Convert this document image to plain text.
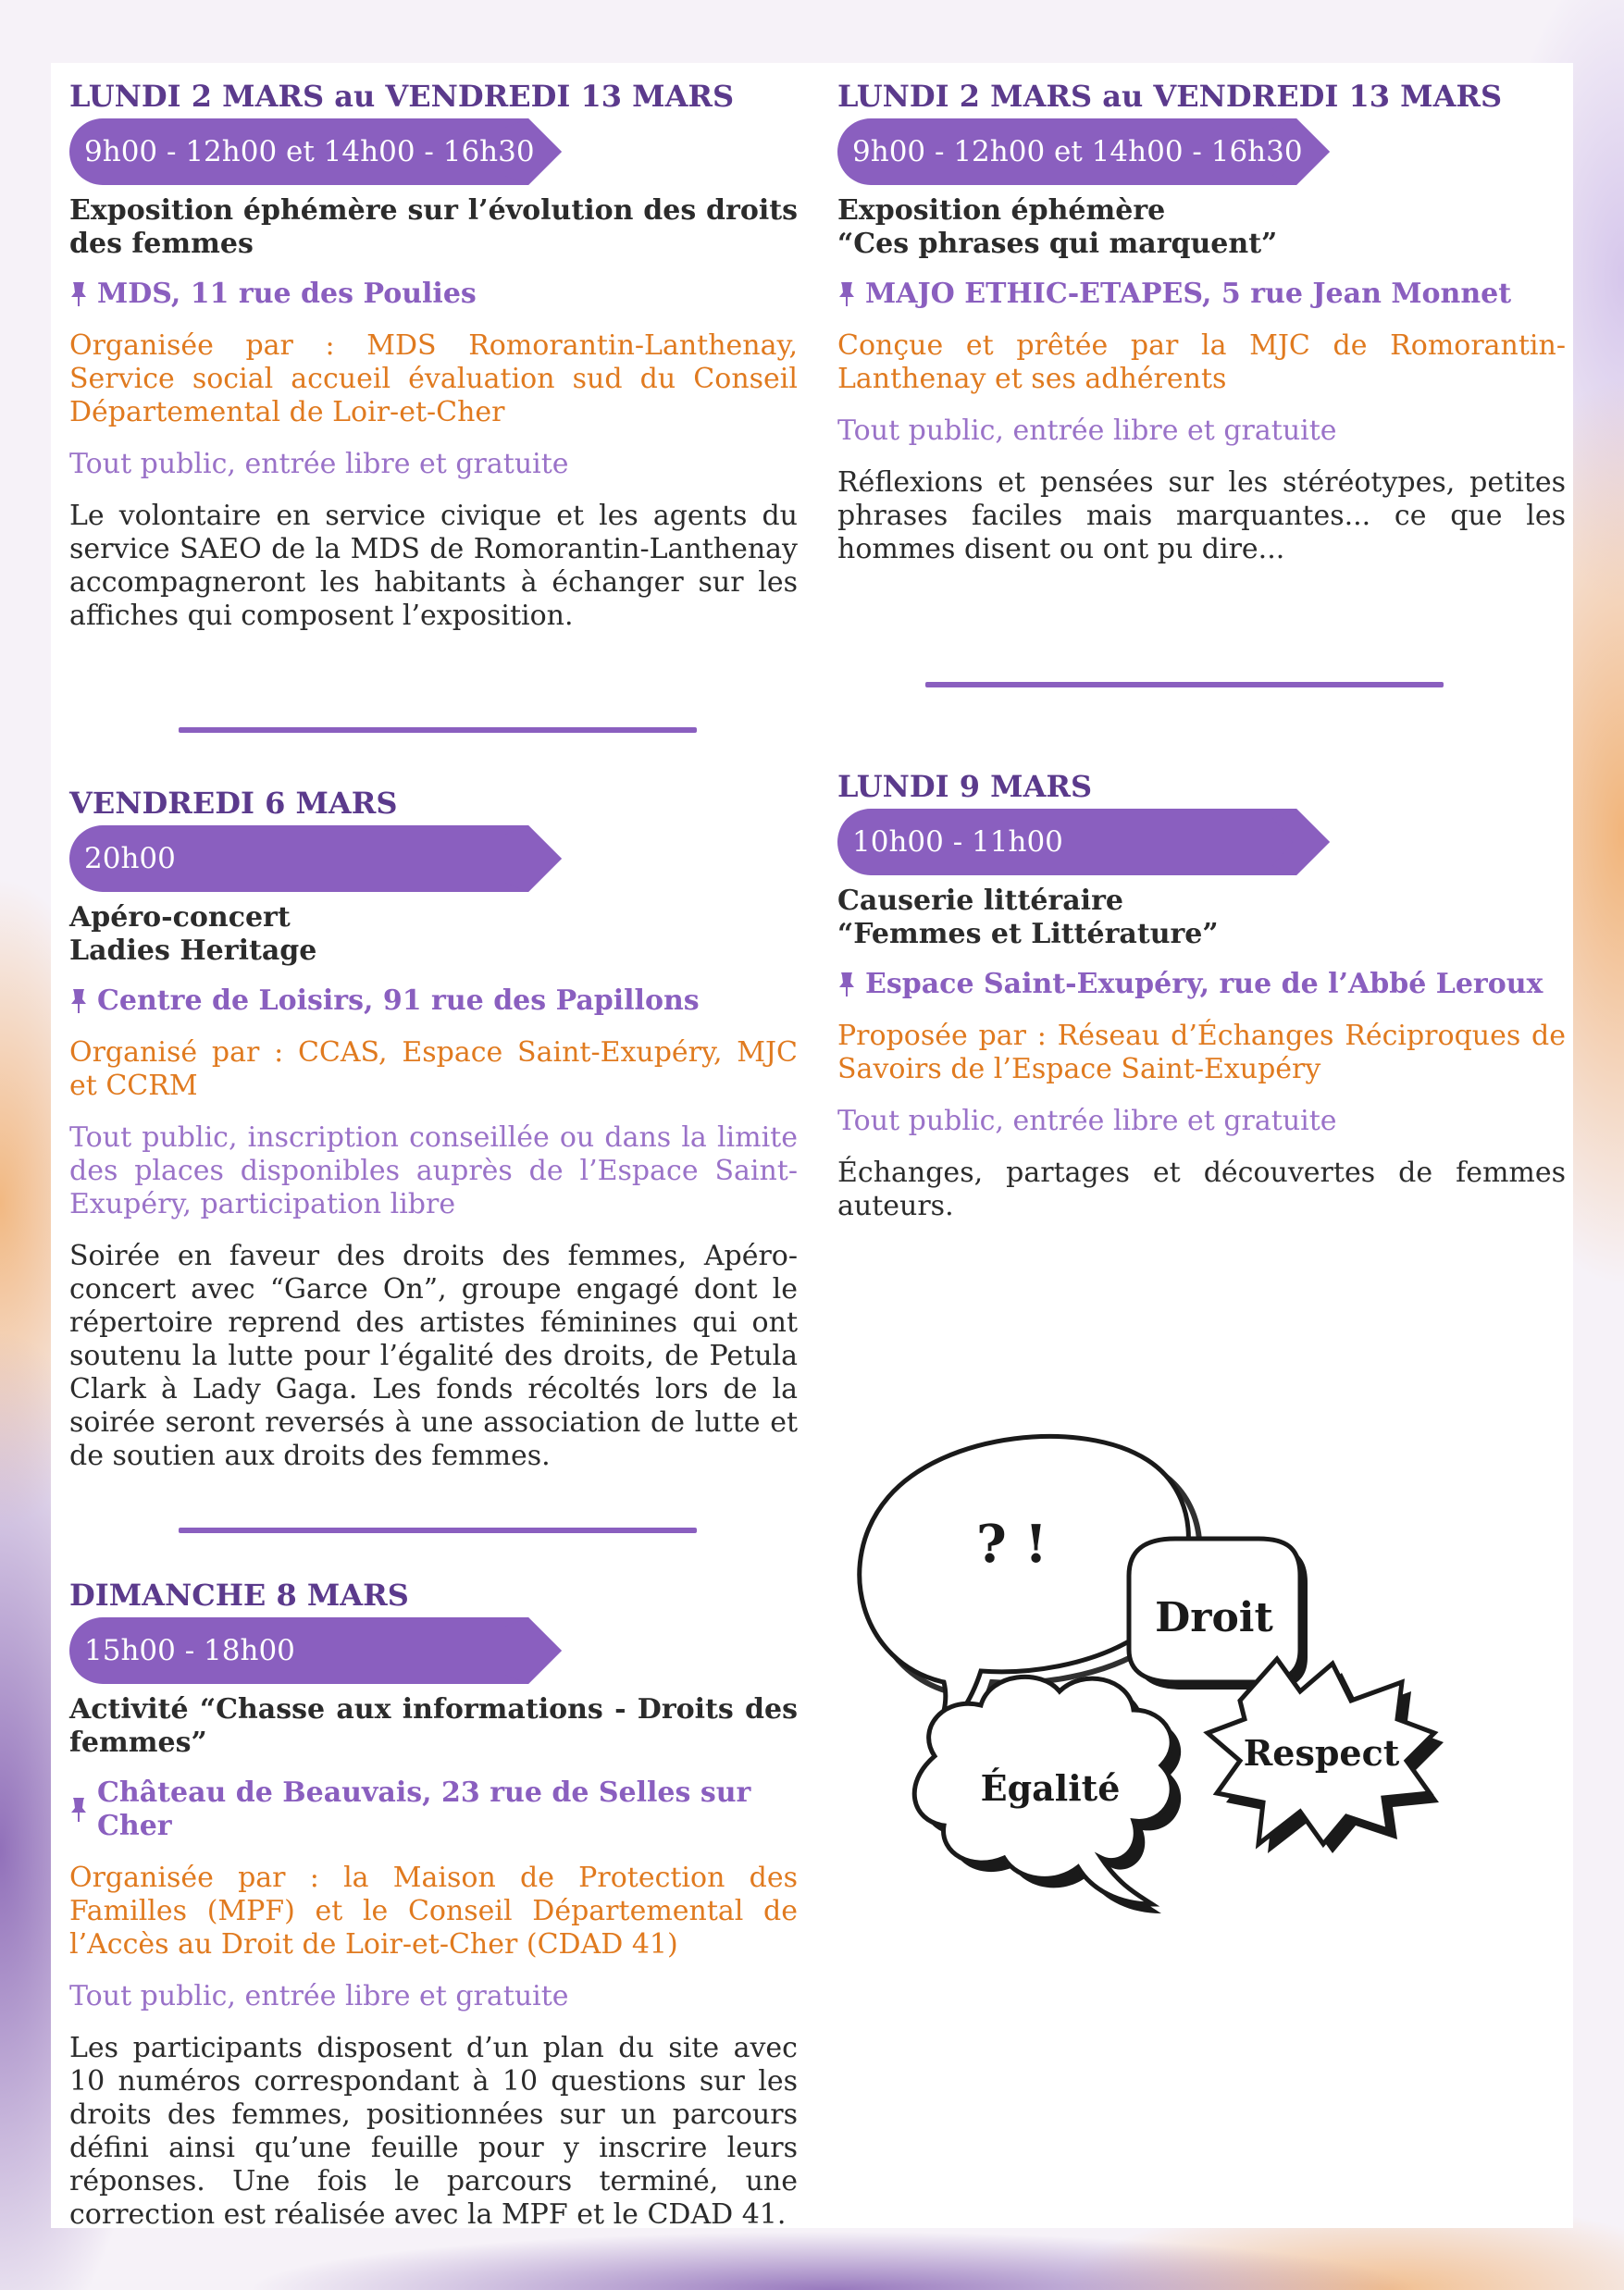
LUNDI 2 MARS au VENDREDI 13 MARS
9h00 - 12h00 et 14h00 - 16h30
Exposition éphémère sur l’évolution des droits des femmes
MDS, 11 rue des Poulies
Organisée par : MDS Romorantin-Lanthenay, Service social accueil évaluation sud du Conseil Départemental de Loir-et-Cher
Tout public, entrée libre et gratuite
Le volontaire en service civique et les agents du service SAEO de la MDS de Romorantin-Lanthenay accompagneront les habitants à échanger sur les affiches qui composent l’exposition.
VENDREDI 6 MARS
20h00
Apéro-concert
Ladies Heritage
Centre de Loisirs, 91 rue des Papillons
Organisé par : CCAS, Espace Saint-Exupéry, MJC et CCRM
Tout public, inscription conseillée ou dans la limite des places disponibles auprès de l’Espace Saint-Exupéry, participation libre
Soirée en faveur des droits des femmes, Apéro-concert avec “Garce On”, groupe engagé dont le répertoire reprend des artistes féminines qui ont soutenu la lutte pour l’égalité des droits, de Petula Clark à Lady Gaga. Les fonds récoltés lors de la soirée seront reversés à une association de lutte et de soutien aux droits des femmes.
DIMANCHE 8 MARS
15h00 - 18h00
Activité “Chasse aux informations - Droits des femmes”
Château de Beauvais, 23 rue de Selles sur Cher
Organisée par : la Maison de Protection des Familles (MPF) et le Conseil Départemental de l’Accès au Droit de Loir-et-Cher (CDAD 41)
Tout public, entrée libre et gratuite
Les participants disposent d’un plan du site avec 10 numéros correspondant à 10 questions sur les droits des femmes, positionnées sur un parcours défini ainsi qu’une feuille pour y inscrire leurs réponses. Une fois le parcours terminé, une correction est réalisée avec la MPF et le CDAD 41.
LUNDI 2 MARS au VENDREDI 13 MARS
9h00 - 12h00 et 14h00 - 16h30
Exposition éphémère
“Ces phrases qui marquent”
MAJO ETHIC-ETAPES, 5 rue Jean Monnet
Conçue et prêtée par la MJC de Romorantin-Lanthenay et ses adhérents
Tout public, entrée libre et gratuite
Réflexions et pensées sur les stéréotypes, petites phrases faciles mais marquantes... ce que les hommes disent ou ont pu dire...
LUNDI 9 MARS
10h00 - 11h00
Causerie littéraire
“Femmes et Littérature”
Espace Saint-Exupéry, rue de l’Abbé Leroux
Proposée par : Réseau d’Échanges Réciproques de Savoirs de l’Espace Saint-Exupéry
Tout public, entrée libre et gratuite
Échanges, partages et découvertes de femmes auteurs.
? !
Droit
Respect
Égalité
